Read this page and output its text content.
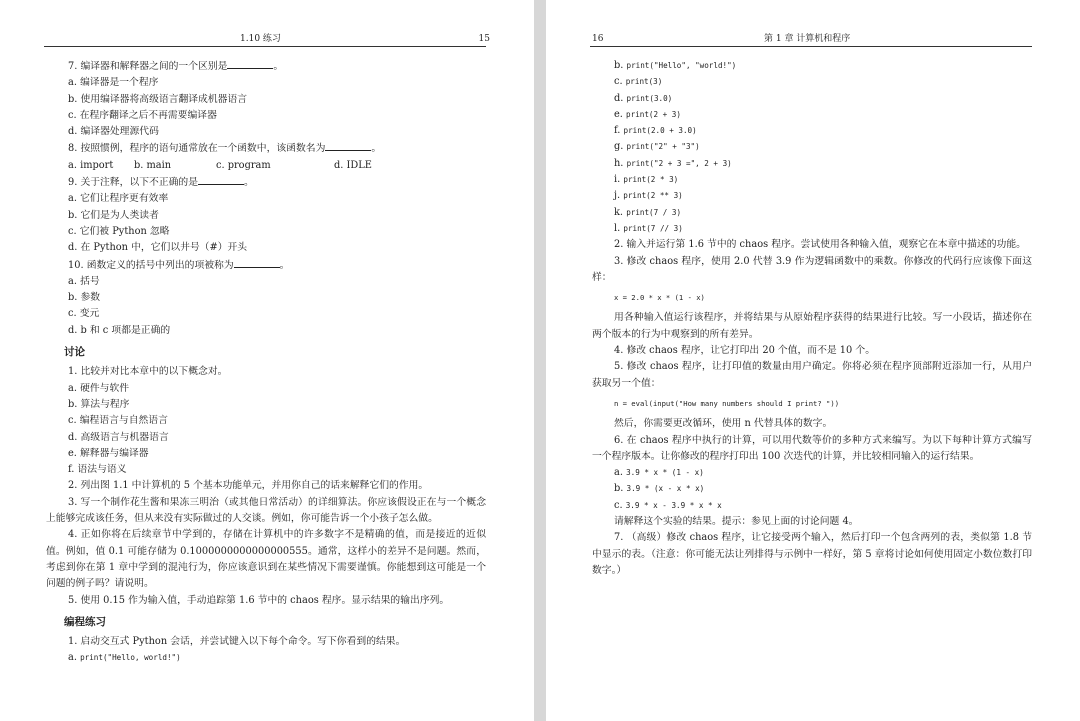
1.10 练习	15
7. 编译器和解释器之间的一个区别是	。
a. 编译器是一个程序
b. 使用编译器将高级语言翻译成机器语言
c. 在程序翻译之后不再需要编译器
d. 编译器处理源代码
8. 按照惯例，程序的语句通常放在一个函数中，该函数名为	。
a. import b. main	c. program	d. IDLE
9. 关于注释，以下不正确的是	。
a. 它们让程序更有效率
b. 它们是为人类读者
c. 它们被 Python 忽略
d. 在 Python 中，它们以井号（#）开头
10. 函数定义的括号中列出的项被称为	。
a. 括号
b. 参数
c. 变元
d. b 和 c 项都是正确的
讨论
1. 比较并对比本章中的以下概念对。
a. 硬件与软件
b. 算法与程序
c. 编程语言与自然语言
d. 高级语言与机器语言
e. 解释器与编译器
f. 语法与语义
2. 列出图 1.1 中计算机的 5 个基本功能单元，并用你自己的话来解释它们的作用。
3. 写一个制作花生酱和果冻三明治（或其他日常活动）的详细算法。你应该假设正在与一个概念上能够完成该任务，但从来没有实际做过的人交谈。例如，你可能告诉一个小孩子怎么做。
4. 正如你将在后续章节中学到的，存储在计算机中的许多数字不是精确的值，而是接近的近似值。例如，值 0.1 可能存储为 0.1000000000000000555。通常，这样小的差异不是问题。然而，考虑到你在第 1 章中学到的混沌行为，你应该意识到在某些情况下需要谨慎。你能想到这可能是一个问题的例子吗？请说明。
5. 使用 0.15 作为输入值，手动追踪第 1.6 节中的 chaos 程序。显示结果的输出序列。
编程练习
1. 启动交互式 Python 会话，并尝试键入以下每个命令。写下你看到的结果。
a. print("Hello, world!")
16	第 1 章 计算机和程序
b. print("Hello", "world!")
c. print(3)
d. print(3.0)
e. print(2 + 3)
f. print(2.0 + 3.0)
g. print("2" + "3")
h. print("2 + 3 =", 2 + 3)
i. print(2 * 3)
j. print(2 ** 3)
k. print(7 / 3)
l. print(7 // 3)
2. 输入并运行第 1.6 节中的 chaos 程序。尝试使用各种输入值，观察它在本章中描述的功能。
3. 修改 chaos 程序，使用 2.0 代替 3.9 作为逻辑函数中的乘数。你修改的代码行应该像下面这样：
x = 2.0 * x * (1 - x)
用各种输入值运行该程序，并将结果与从原始程序获得的结果进行比较。写一小段话，描述你在两个版本的行为中观察到的所有差异。
4. 修改 chaos 程序，让它打印出 20 个值，而不是 10 个。
5. 修改 chaos 程序，让打印值的数量由用户确定。你将必须在程序顶部附近添加一行，从用户获取另一个值：
n = eval(input("How many numbers should I print? "))
然后，你需要更改循环，使用 n 代替具体的数字。
6. 在 chaos 程序中执行的计算，可以用代数等价的多种方式来编写。为以下每种计算方式编写一个程序版本。让你修改的程序打印出 100 次迭代的计算，并比较相同输入的运行结果。
a. 3.9 * x * (1 - x)
b. 3.9 * (x - x * x)
c. 3.9 * x - 3.9 * x * x
请解释这个实验的结果。提示：参见上面的讨论问题 4。
7. （高级）修改 chaos 程序，让它接受两个输入，然后打印一个包含两列的表，类似第 1.8 节中显示的表。（注意：你可能无法让列排得与示例中一样好，第 5 章将讨论如何使用固定小数位数打印数字。）
